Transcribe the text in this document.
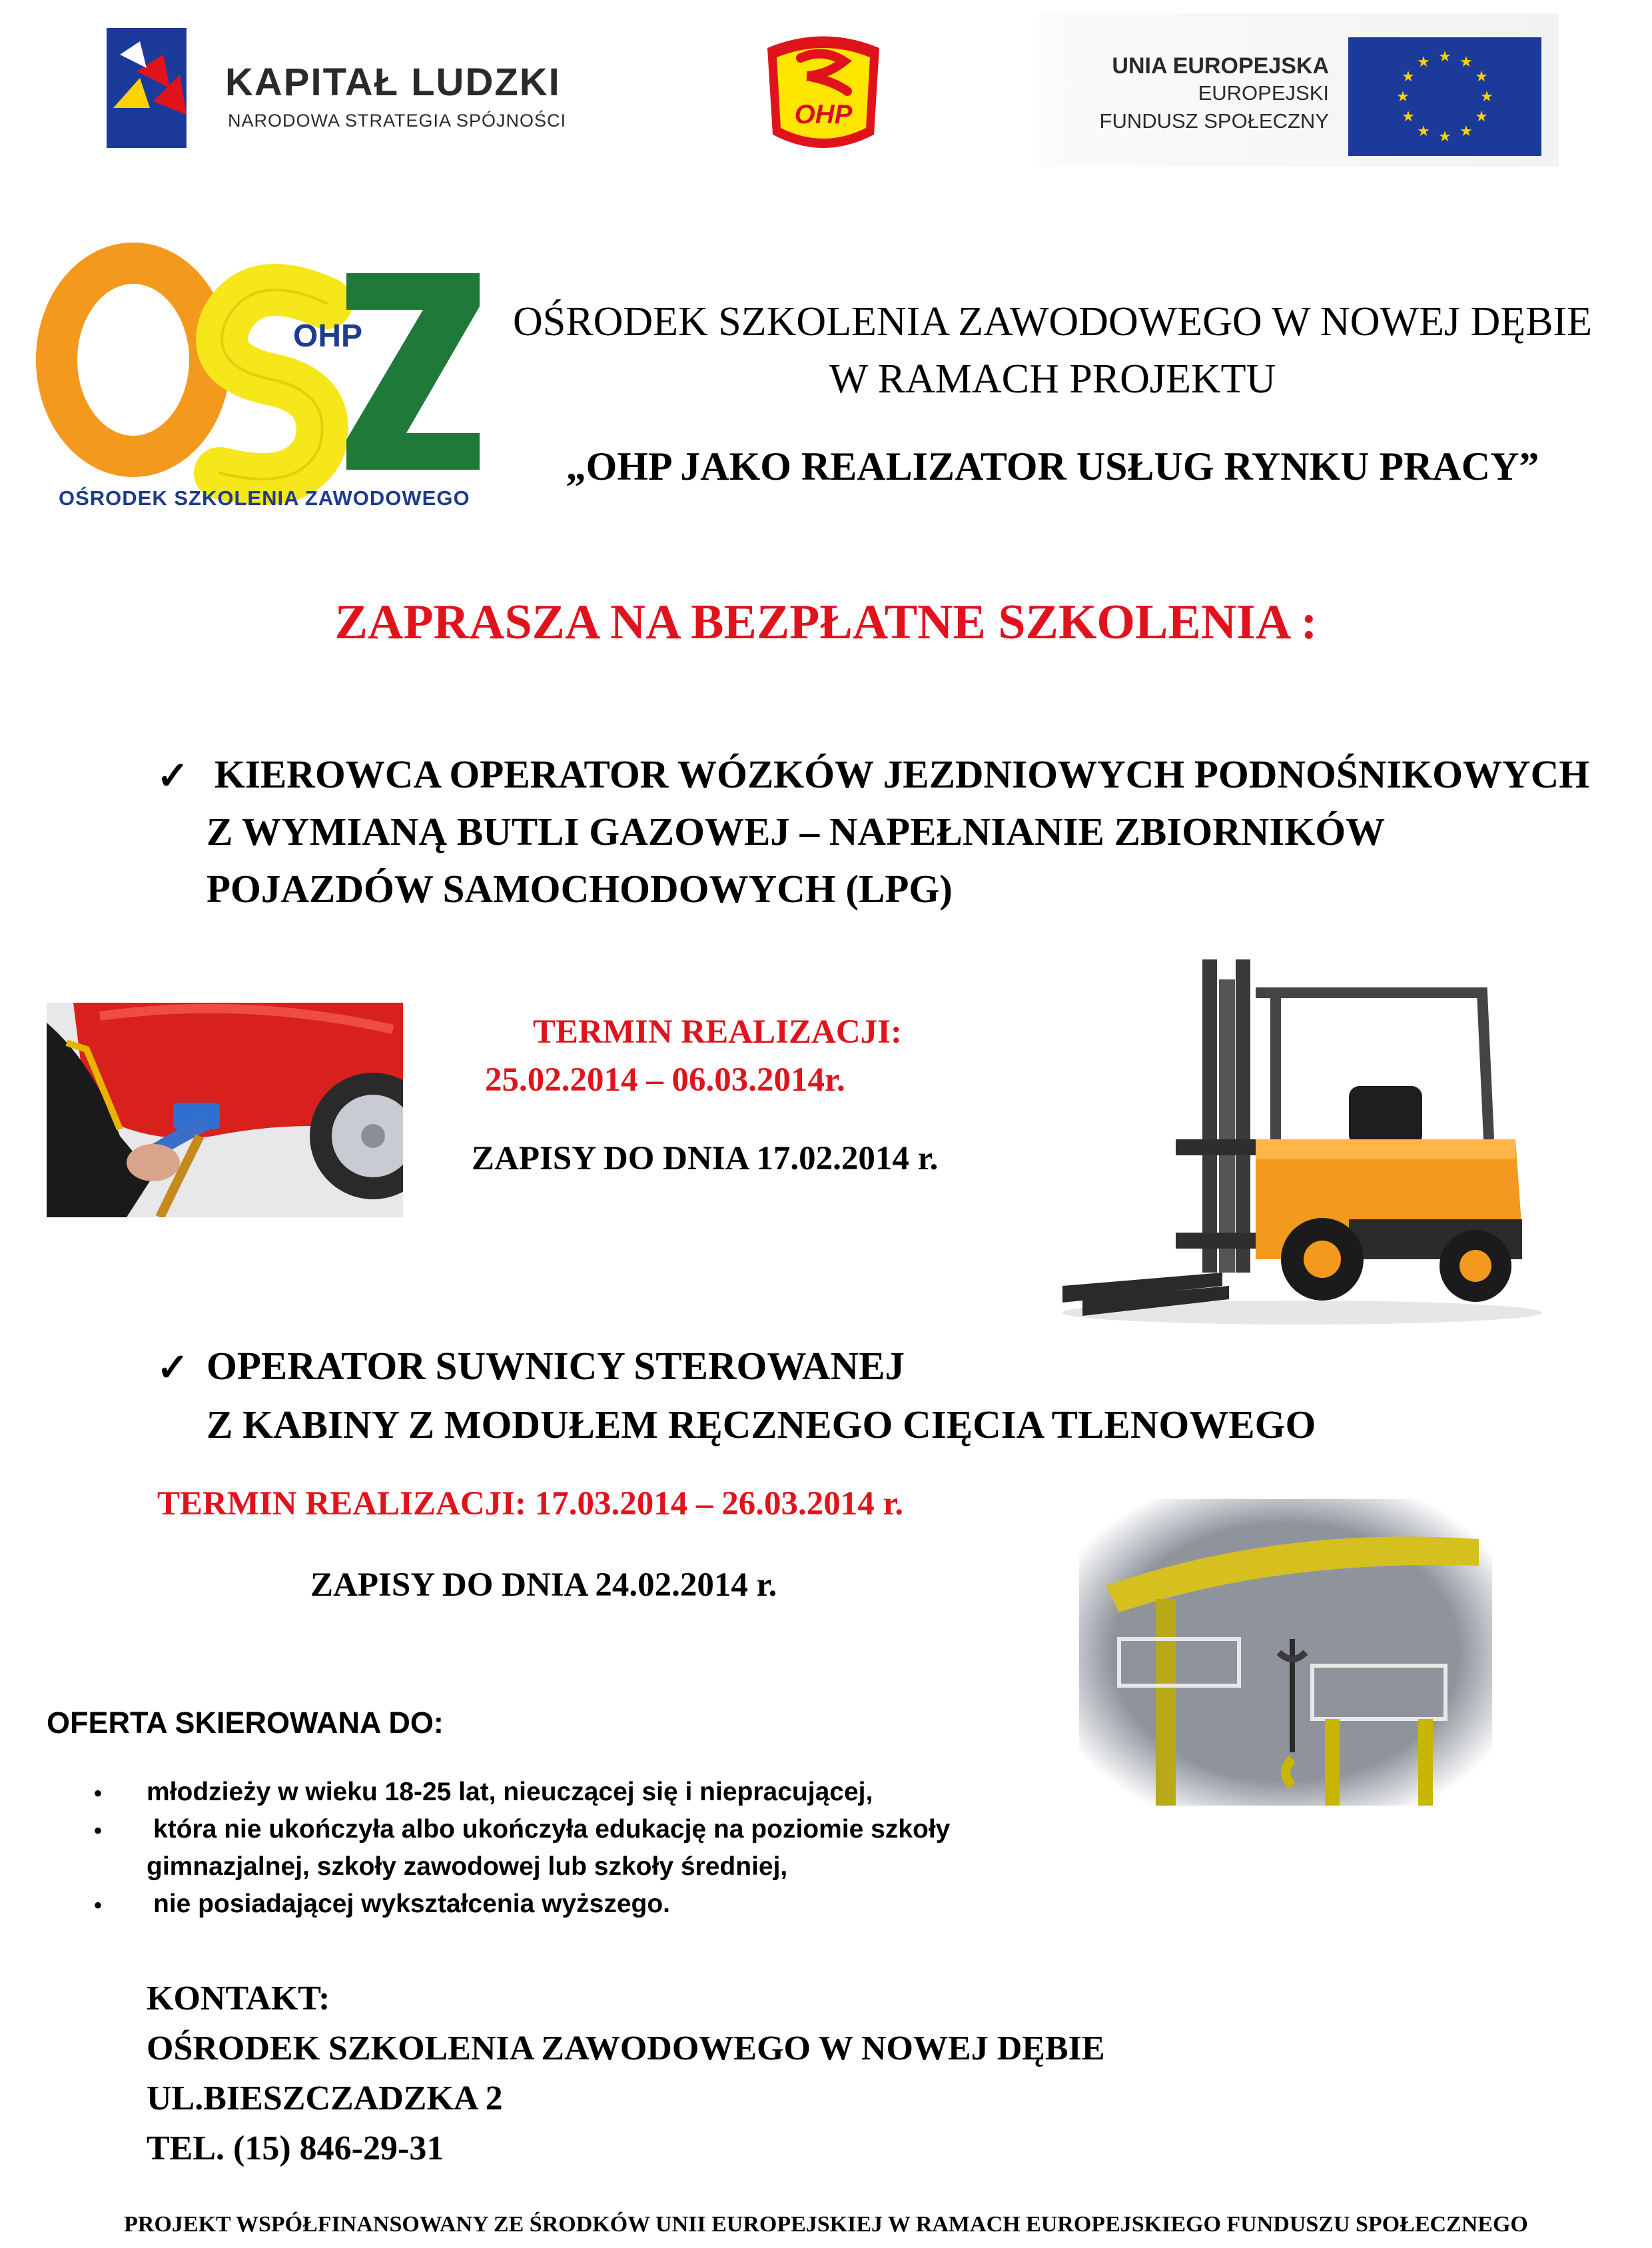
KAPITAŁ LUDZKI
NARODOWA STRATEGIA SPÓJNOŚCI	OHP
UNIA EUROPEJSKA
EUROPEJSKI
FUNDUSZ SPOŁECZNY
★ ★
★
★
★
★
★
★
★
★
★
★
OHP
OŚRODEK SZKOLENIA ZAWODOWEGO
OŚRODEK SZKOLENIA ZAWODOWEGO W NOWEJ DĘBIE
W RAMACH PROJEKTU
„OHP JAKO REALIZATOR USŁUG RYNKU PRACY”
ZAPRASZA NA BEZPŁATNE SZKOLENIA :
✓ KIEROWCA OPERATOR WÓZKÓW JEZDNIOWYCH PODNOŚNIKOWYCH
Z WYMIANĄ BUTLI GAZOWEJ – NAPEŁNIANIE ZBIORNIKÓW
POJAZDÓW SAMOCHODOWYCH (LPG)
TERMIN REALIZACJI:
25.02.2014 – 06.03.2014r.
ZAPISY DO DNIA 17.02.2014 r.
✓ OPERATOR SUWNICY STEROWANEJ
Z KABINY Z MODUŁEM RĘCZNEGO CIĘCIA TLENOWEGO
TERMIN REALIZACJI: 17.03.2014 – 26.03.2014 r.
ZAPISY DO DNIA 24.02.2014 r.
OFERTA SKIEROWANA DO:
• młodzieży w wieku 18-25 lat, nieuczącej się i niepracującej,
• która nie ukończyła albo ukończyła edukację na poziomie szkoły
gimnazjalnej, szkoły zawodowej lub szkoły średniej,
• nie posiadającej wykształcenia wyższego.
KONTAKT:
OŚRODEK SZKOLENIA ZAWODOWEGO W NOWEJ DĘBIE
UL.BIESZCZADZKA 2
TEL. (15) 846-29-31
PROJEKT WSPÓŁFINANSOWANY ZE ŚRODKÓW UNII EUROPEJSKIEJ W RAMACH EUROPEJSKIEGO FUNDUSZU SPOŁECZNEGO
